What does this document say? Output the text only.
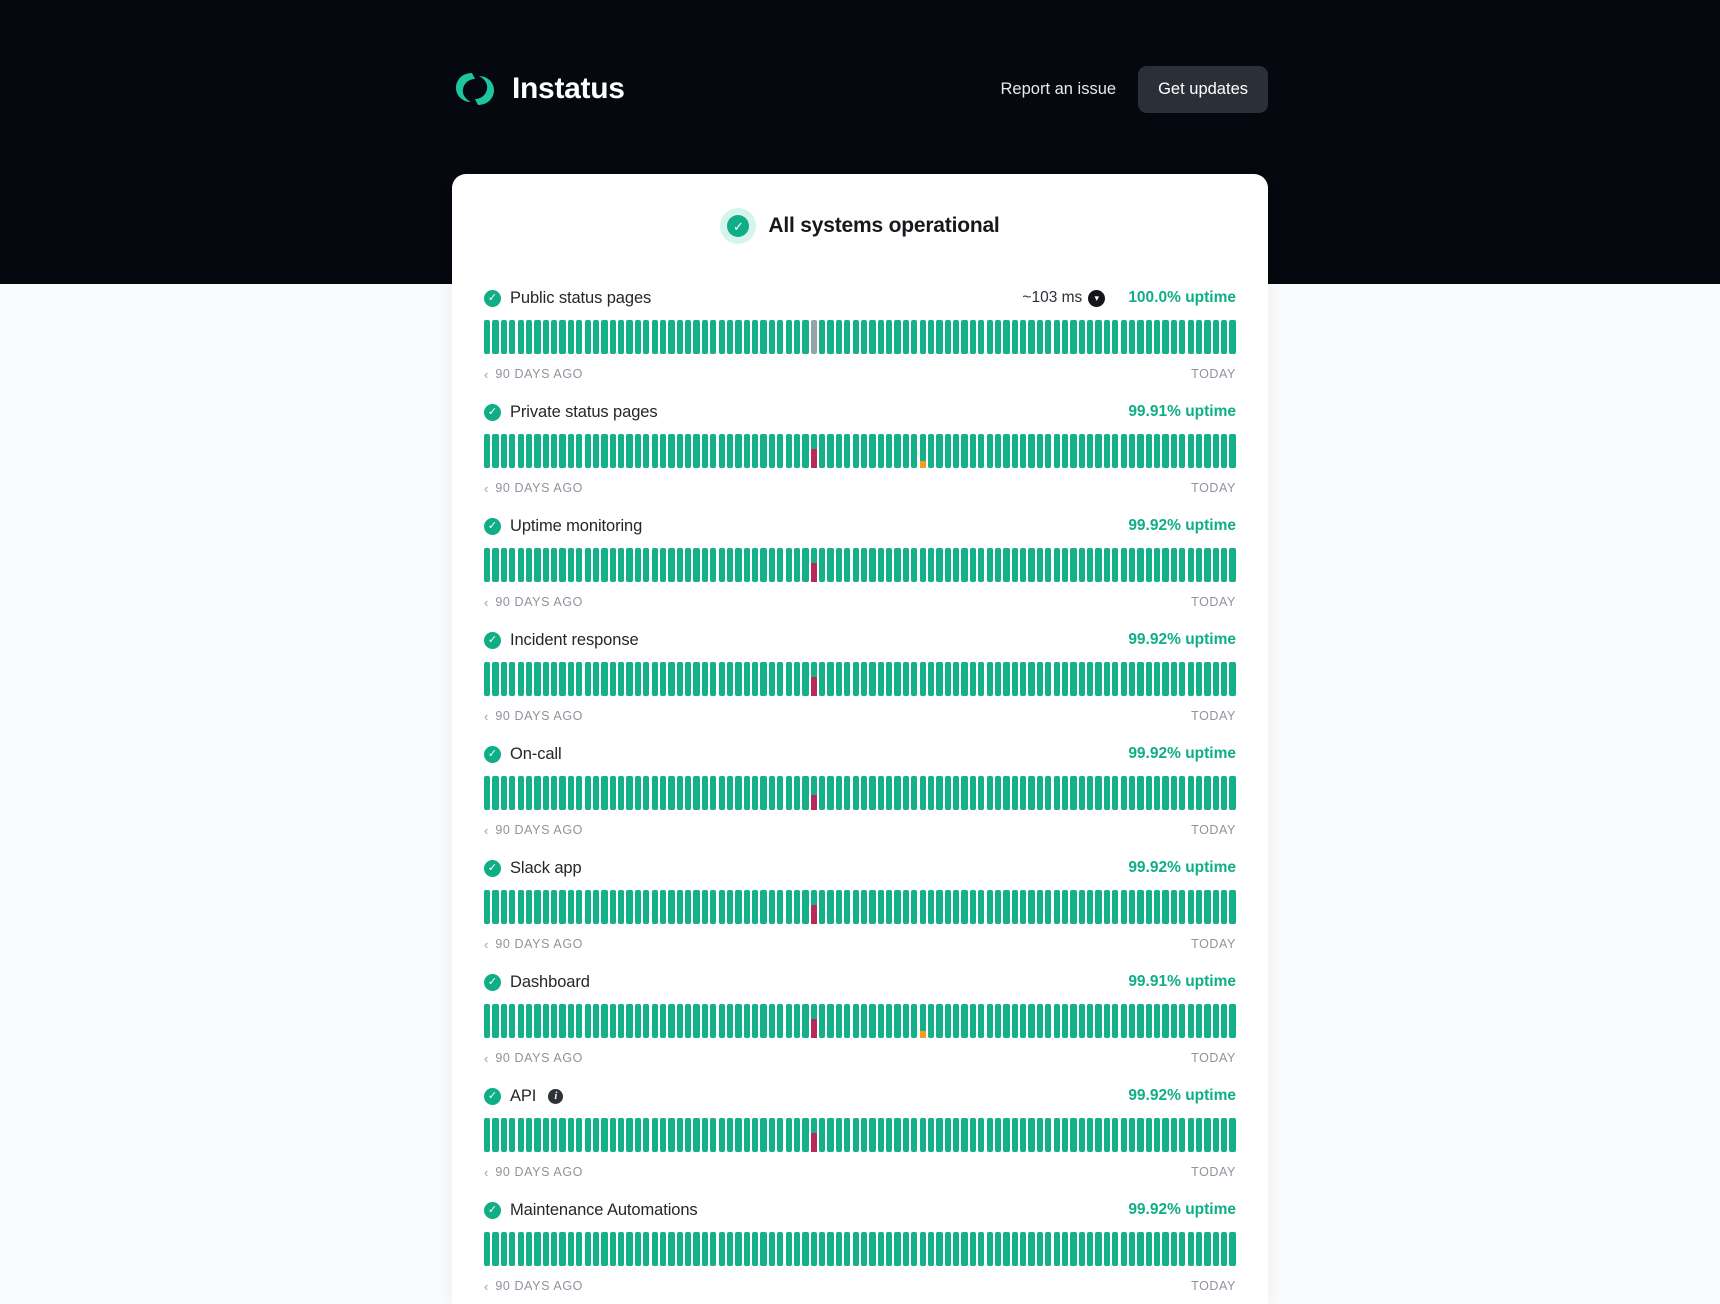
Instatus	Report an issue	Get updates
✓ All systems operational
✓ Public status pages	~103 ms	▾	100.0% uptime
‹ 90 DAYS AGO	TODAY
✓ Private status pages	99.91% uptime
‹ 90 DAYS AGO	TODAY
✓ Uptime monitoring	99.92% uptime
‹ 90 DAYS AGO	TODAY
✓ Incident response	99.92% uptime
‹ 90 DAYS AGO	TODAY
✓ On-call	99.92% uptime
‹ 90 DAYS AGO	TODAY
✓ Slack app	99.92% uptime
‹ 90 DAYS AGO	TODAY
✓ Dashboard	99.91% uptime
‹ 90 DAYS AGO	TODAY
✓ API	i	99.92% uptime
‹ 90 DAYS AGO	TODAY
✓ Maintenance Automations	99.92% uptime
‹ 90 DAYS AGO	TODAY
